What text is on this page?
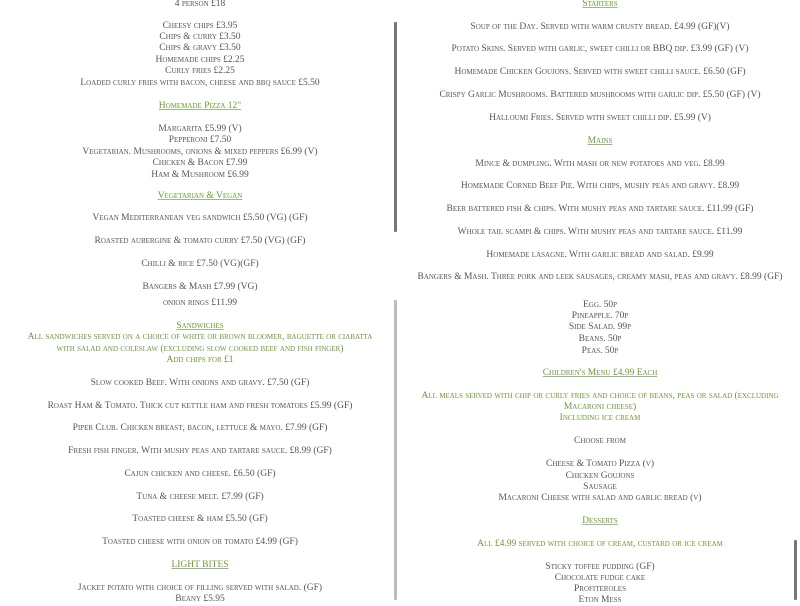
4 person £18
Cheesy chips £3.95
Chips & curry £3.50
Chips & gravy £3.50
Homemade chips £2.25
Curly fries £2.25
Loaded curly fries with bacon, cheese and bbq sauce £5.50
Homemade Pizza 12"
Margarita £5.99 (V)
Pepperoni £7.50
Vegetarian. Mushrooms, onions & mixed peppers £6.99 (V)
Chicken & Bacon £7.99
Ham & Mushroom £6.99
Vegetarian & Vegan
Vegan Mediterranean veg sandwich £5.50 (VG) (GF)
Roasted aubergine & tomato curry £7.50 (VG) (GF)
Chilli & rice £7.50 (VG)(GF)
Bangers & Mash £7.99 (VG)
onion rings £11.99
Sandwiches
All sandwiches served on a choice of white or brown bloomer, baguette or ciabatta
with salad and coleslaw (excluding slow cooked beef and fish finger)
Add chips for £1
Slow cooked Beef. With onions and gravy. £7.50 (GF)
Roast Ham & Tomato. Thick cut kettle ham and fresh tomatoes £5.99 (GF)
Piper Club. Chicken breast, bacon, lettuce & mayo. £7.99 (GF)
Fresh fish finger. With mushy peas and tartare sauce. £8.99 (GF)
Cajun chicken and cheese. £6.50 (GF)
Tuna & cheese melt. £7.99 (GF)
Toasted cheese & ham £5.50 (GF)
Toasted cheese with onion or tomato £4.99 (GF)
LIGHT BITES
Jacket potato with choice of filling served with salad. (GF)
Beany £5.95
Starters
Soup of the Day. Served with warm crusty bread. £4.99 (GF)(V)
Potato Skins. Served with garlic, sweet chilli or BBQ dip. £3.99 (GF) (V)
Homemade Chicken Goujons. Served with sweet chilli sauce. £6.50 (GF)
Crispy Garlic Mushrooms. Battered mushrooms with garlic dip. £5.50 (GF) (V)
Halloumi Fries. Served with sweet chilli dip. £5.99 (V)
Mains
Mince & dumpling. With mash or new potatoes and veg. £8.99
Homemade Corned Beef Pie. With chips, mushy peas and gravy. £8.99
Beer battered fish & chips. With mushy peas and tartare sauce. £11.99 (GF)
Whole tail scampi & chips. With mushy peas and tartare sauce. £11.99
Homemade lasagne. With garlic bread and salad. £9.99
Bangers & Mash. Three pork and leek sausages, creamy mash, peas and gravy. £8.99 (GF)
Egg. 50p
Pineapple. 70p
Side Salad. 99p
Beans. 50p
Peas. 50p
Children's Menu £4.99 Each
All meals served with chip or curly fries and choice of beans, peas or salad (excluding
Macaroni cheese)
Including ice cream
Choose from
Cheese & Tomato Pizza (v)
Chicken Goujons
Sausage
Macaroni Cheese with salad and garlic bread (v)
Desserts
All £4.99 served with choice of cream, custard or ice cream
Sticky toffee pudding (GF)
Chocolate fudge cake
Profiteroles
Eton Mess
